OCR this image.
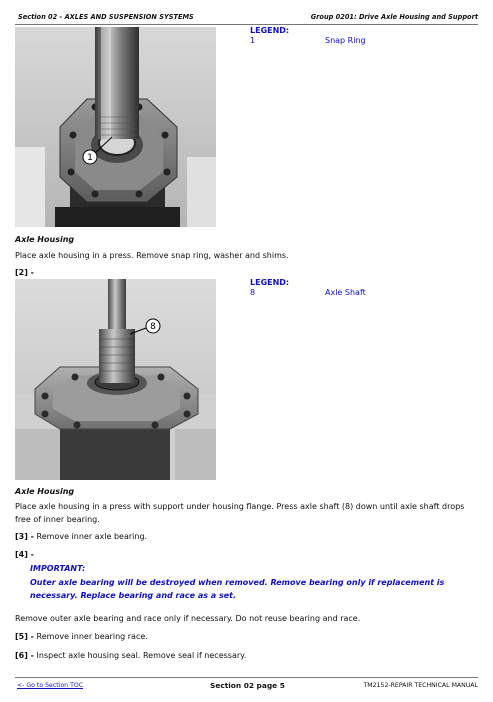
Section 02 - AXLES AND SUSPENSION SYSTEMS	Group 0201: Drive Axle Housing and Support
1
LEGEND:
1	Snap Ring
Axle Housing
Place axle housing in a press. Remove snap ring, washer and shims.
[2] -
8
LEGEND:
8	Axle Shaft
Axle Housing
Place axle housing in a press with support under housing flange. Press axle shaft (8) down until axle shaft drops free of inner bearing.
[3] - Remove inner axle bearing.
[4] -
IMPORTANT:
Outer axle bearing will be destroyed when removed. Remove bearing only if replacement is necessary. Replace bearing and race as a set.
Remove outer axle bearing and race only if necessary. Do not reuse bearing and race.
[5] - Remove inner bearing race.
[6] - Inspect axle housing seal. Remove seal if necessary.
<- Go to Section TOC	Section 02 page 5	TM2152-REPAIR TECHNICAL MANUAL
